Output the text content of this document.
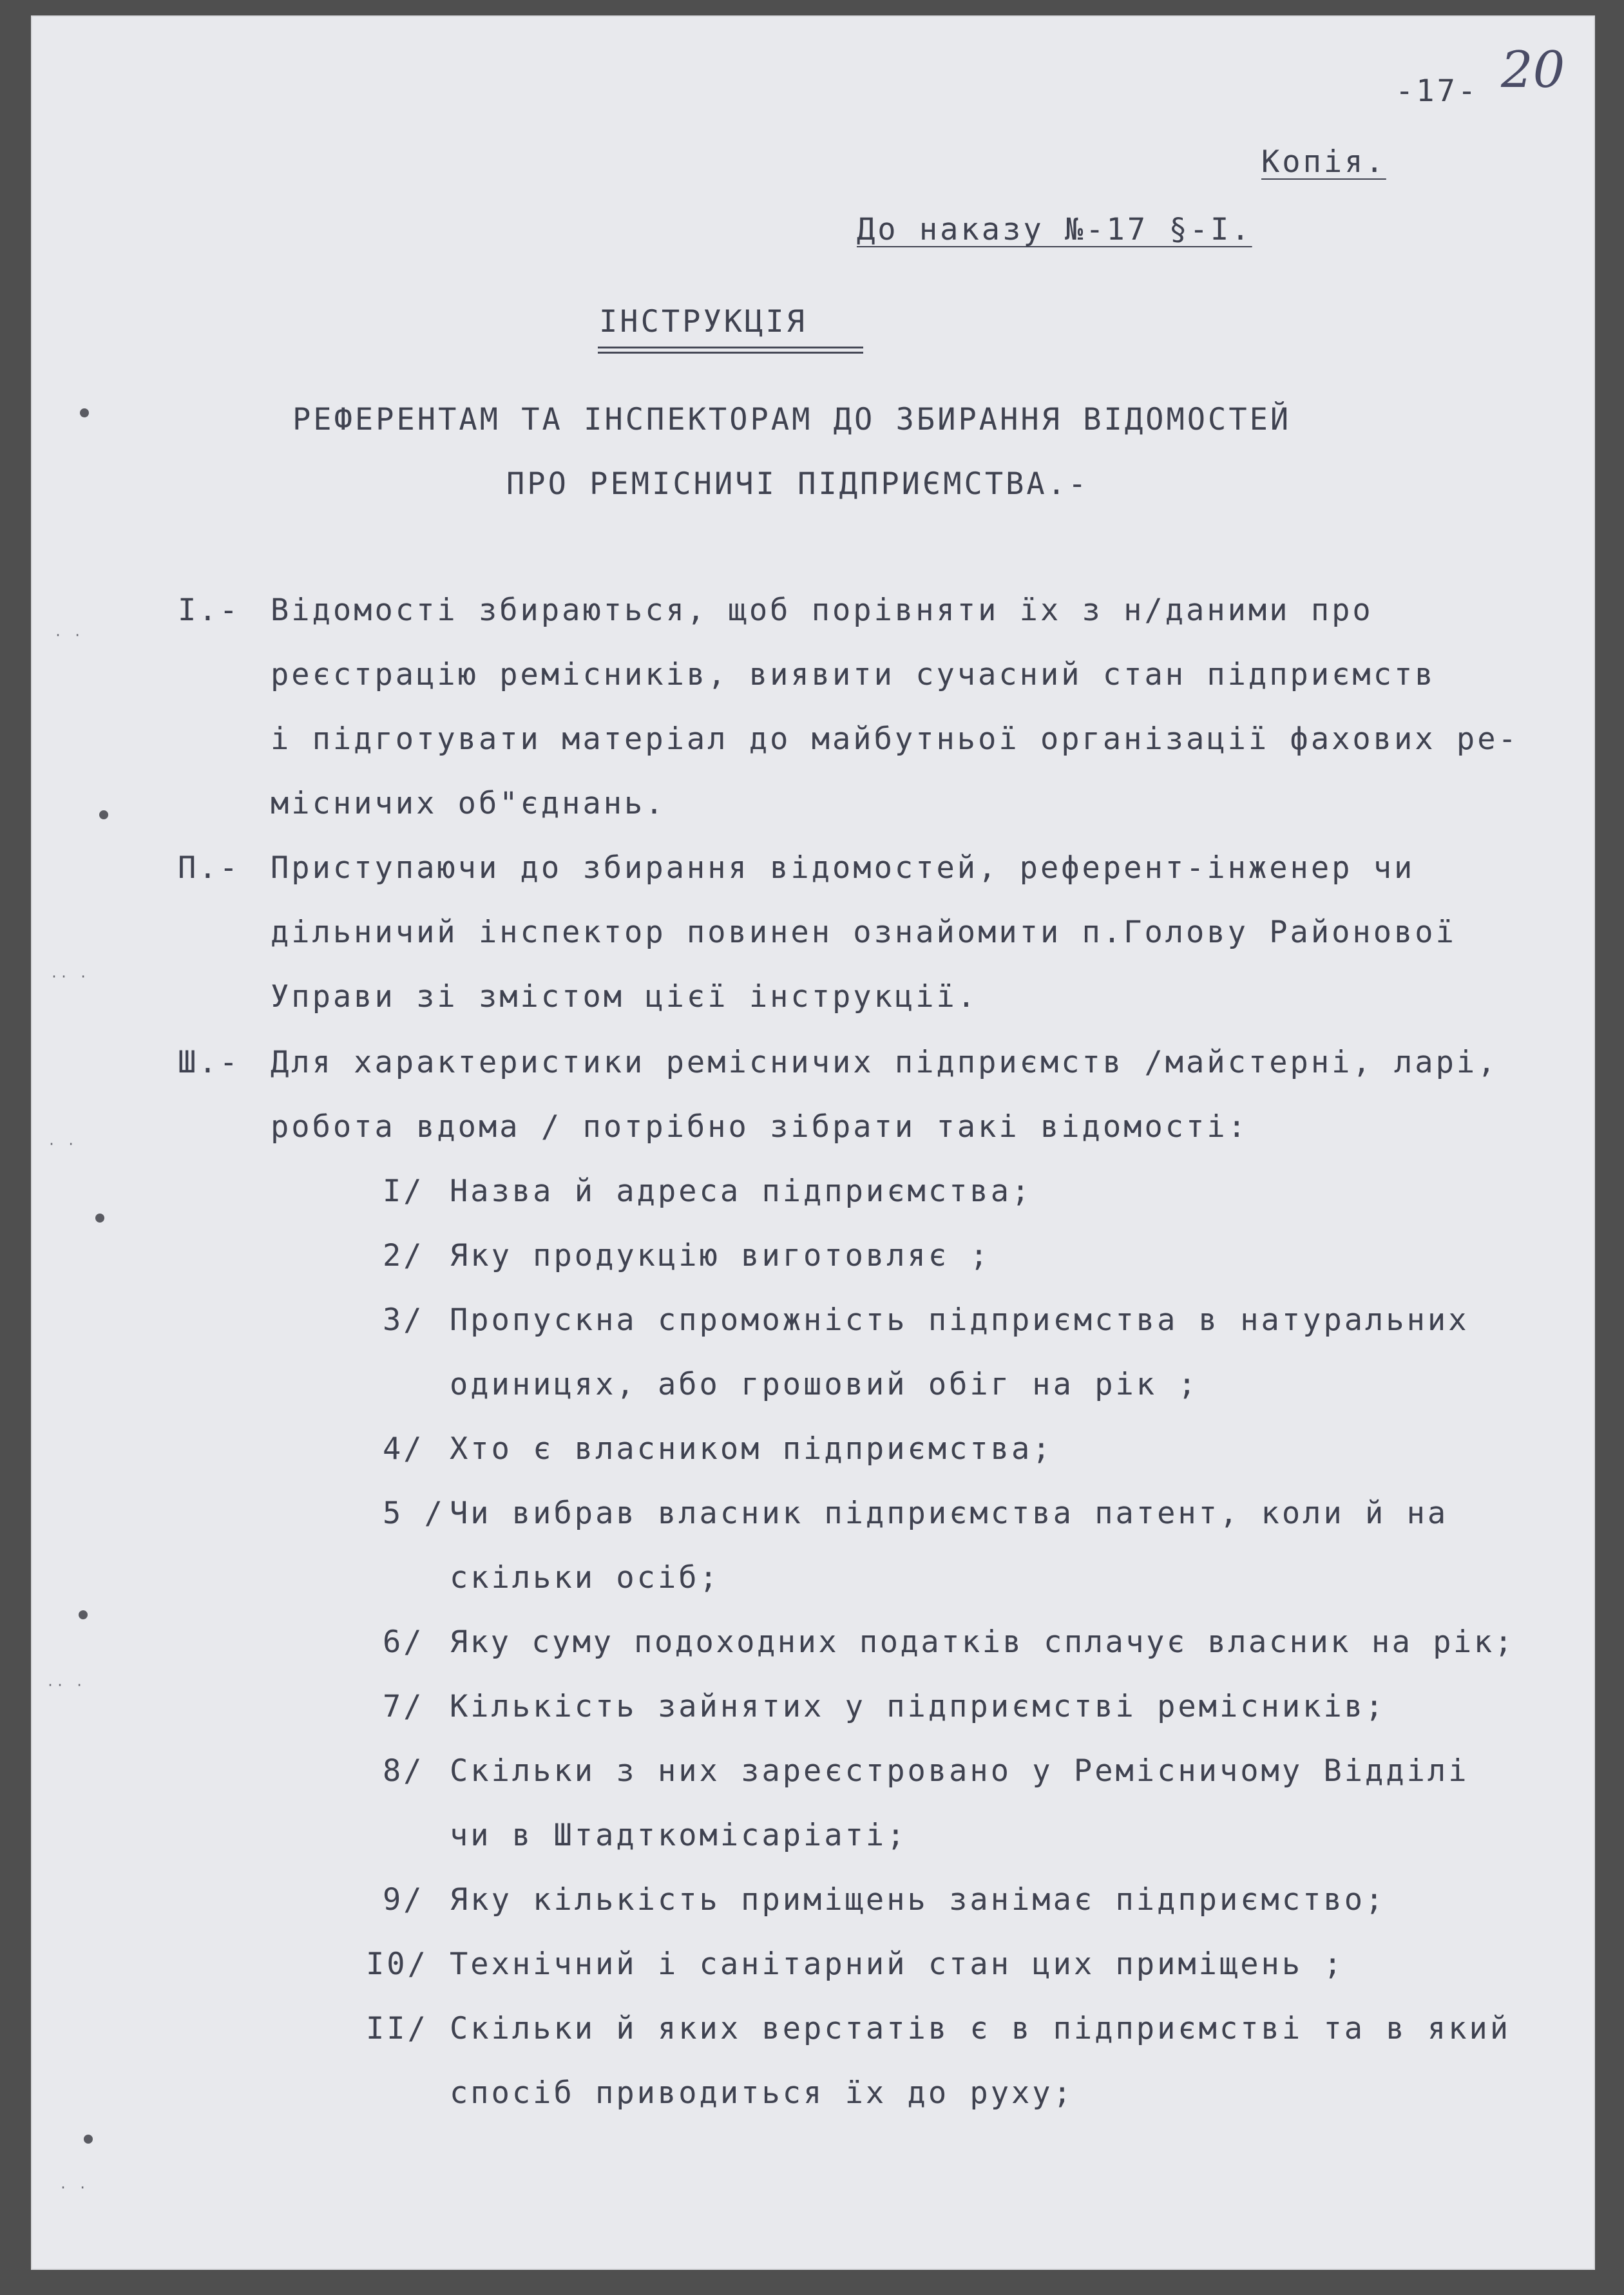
-17- 20
Копія.
До наказу №-17 §-I.
ІНСТРУКЦІЯ
РЕФЕРЕНТАМ ТА ІНСПЕКТОРАМ ДО ЗБИРАННЯ ВІДОМОСТЕЙ
ПРО РЕМІСНИЧІ ПІДПРИЄМСТВА.-
I.- Відомості збираються, щоб порівняти їх з н/даними про
реєстрацію ремісників, виявити сучасний стан підприємств
і підготувати матеріал до майбутньої організації фахових ре-
місничих об"єднань.
П.- Приступаючи до збирання відомостей, референт-інженер чи
дільничий інспектор повинен ознайомити п.Голову Районової
Управи зі змістом цієї інструкції.
Ш.- Для характеристики ремісничих підприємств /майстерні, ларі,
робота вдома / потрібно зібрати такі відомості:
I/ Назва й адреса підприємства;
2/ Яку продукцію виготовляє ;
3/ Пропускна спроможність підприємства в натуральних
одиницях, або грошовий обіг на рік ;
4/ Хто є власником підприємства;
5 / Чи вибрав власник підприємства патент, коли й на
скільки осіб;
6/ Яку суму подоходних податків сплачує власник на рік;
7/ Кількість зайнятих у підприємстві ремісників;
8/ Скільки з них зареєстровано у Ремісничому Відділі
чи в Штадткомісаріаті;
9/ Яку кількість приміщень занімає підприємство;
I0/ Технічний і санітарний стан цих приміщень ;
II/ Скільки й яких верстатів є в підприємстві та в який
спосіб приводиться їх до руху;
· ·
·· ·
· ·
·· ·
· ·
